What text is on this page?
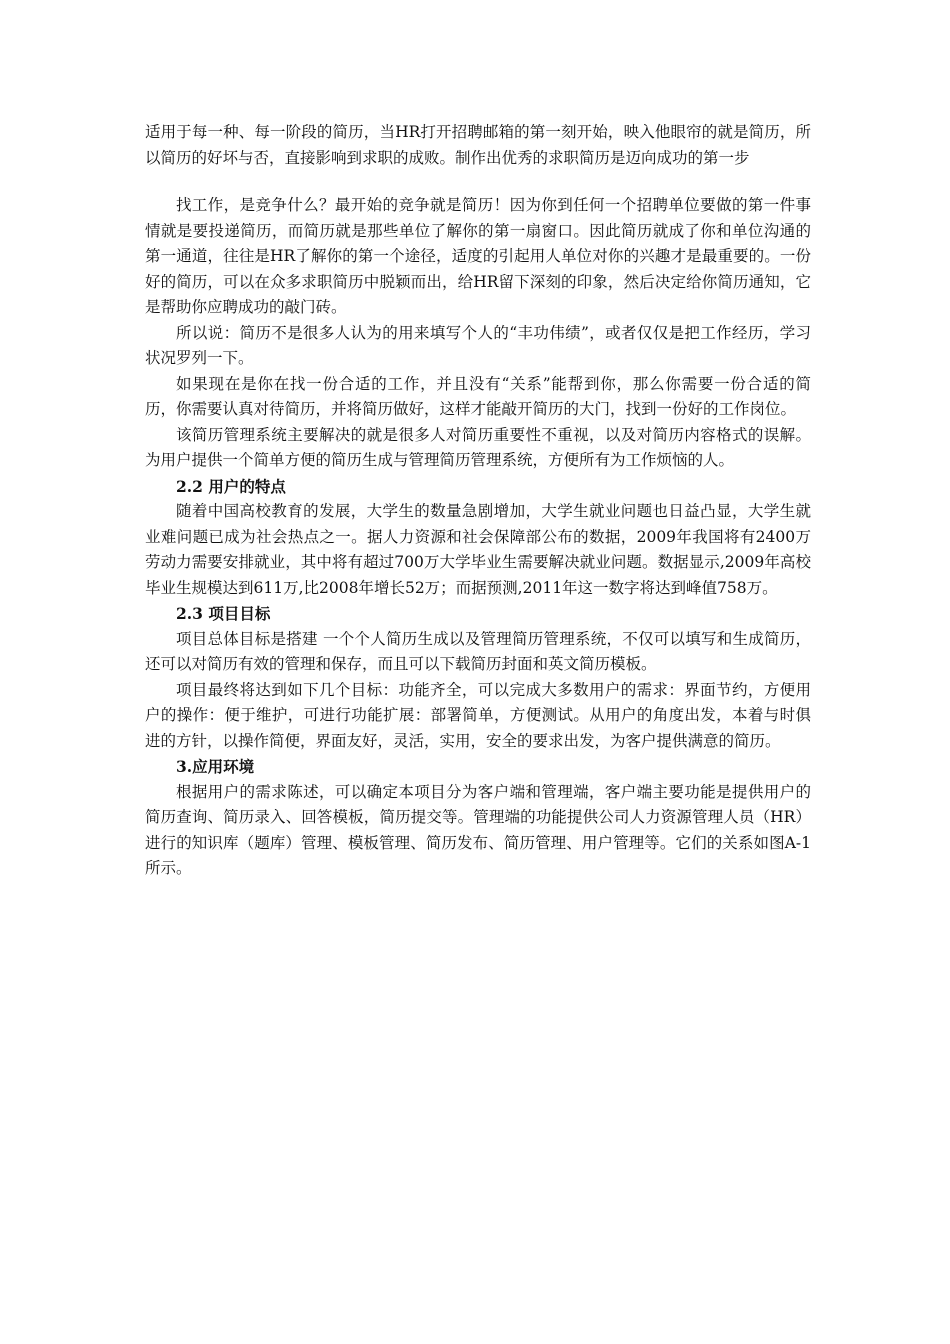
适用于每一种、每一阶段的简历，当HR打开招聘邮箱的第一刻开始，映入他眼帘的就是简历，所以简历的好坏与否，直接影响到求职的成败。制作出优秀的求职简历是迈向成功的第一步

找工作，是竞争什么？最开始的竞争就是简历！因为你到任何一个招聘单位要做的第一件事情就是要投递简历，而简历就是那些单位了解你的第一扇窗口。因此简历就成了你和单位沟通的第一通道，往往是HR了解你的第一个途径，适度的引起用人单位对你的兴趣才是最重要的。一份好的简历，可以在众多求职简历中脱颖而出，给HR留下深刻的印象，然后决定给你简历通知，它是帮助你应聘成功的敲门砖。

所以说：简历不是很多人认为的用来填写个人的“丰功伟绩”，或者仅仅是把工作经历，学习状况罗列一下。

如果现在是你在找一份合适的工作，并且没有“关系”能帮到你，那么你需要一份合适的简历，你需要认真对待简历，并将简历做好，这样才能敲开简历的大门，找到一份好的工作岗位。

该简历管理系统主要解决的就是很多人对简历重要性不重视，以及对简历内容格式的误解。为用户提供一个简单方便的简历生成与管理简历管理系统，方便所有为工作烦恼的人。

2.2 用户的特点

随着中国高校教育的发展，大学生的数量急剧增加，大学生就业问题也日益凸显，大学生就业难问题已成为社会热点之一。据人力资源和社会保障部公布的数据，2009年我国将有2400万劳动力需要安排就业，其中将有超过700万大学毕业生需要解决就业问题。数据显示,2009年高校毕业生规模达到611万,比2008年增长52万；而据预测,2011年这一数字将达到峰值758万。

2.3 项目目标

项目总体目标是搭建 一个个人简历生成以及管理简历管理系统，不仅可以填写和生成简历，还可以对简历有效的管理和保存，而且可以下载简历封面和英文简历模板。

项目最终将达到如下几个目标：功能齐全，可以完成大多数用户的需求：界面节约，方便用户的操作：便于维护，可进行功能扩展：部署简单，方便测试。从用户的角度出发，本着与时俱进的方针，以操作简便，界面友好，灵活，实用，安全的要求出发，为客户提供满意的简历。

3.应用环境

根据用户的需求陈述，可以确定本项目分为客户端和管理端，客户端主要功能是提供用户的简历查询、简历录入、回答模板，简历提交等。管理端的功能提供公司人力资源管理人员（HR）进行的知识库（题库）管理、模板管理、简历发布、简历管理、用户管理等。它们的关系如图A-1所示。
